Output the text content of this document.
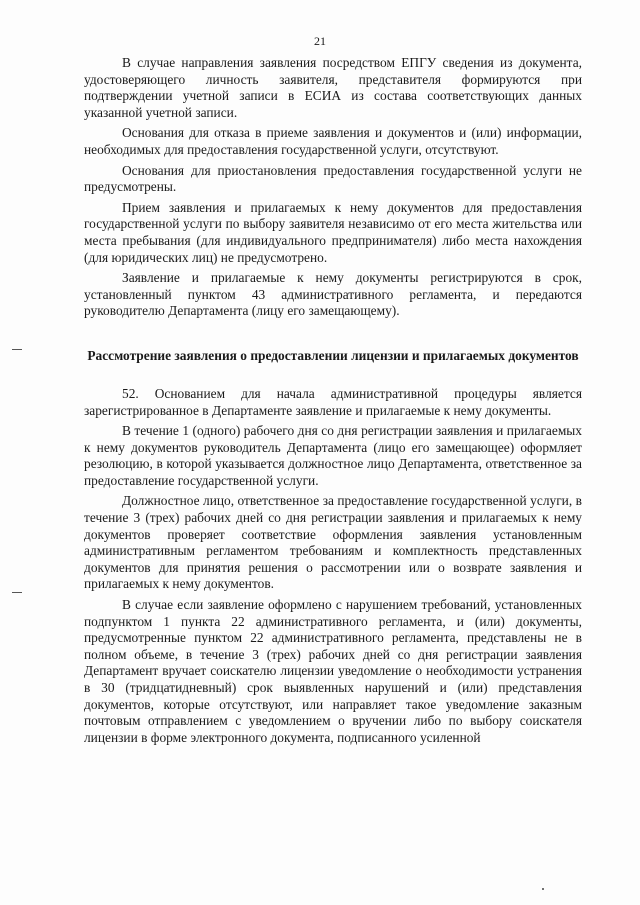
21

В случае направления заявления посредством ЕПГУ сведения из документа, удостоверяющего личность заявителя, представителя формируются при подтверждении учетной записи в ЕСИА из состава соответствующих данных указанной учетной записи.

Основания для отказа в приеме заявления и документов и (или) информации, необходимых для предоставления государственной услуги, отсутствуют.

Основания для приостановления предоставления государственной услуги не предусмотрены.

Прием заявления и прилагаемых к нему документов для предоставления государственной услуги по выбору заявителя независимо от его места жительства или места пребывания (для индивидуального предпринимателя) либо места нахождения (для юридических лиц) не предусмотрено.

Заявление и прилагаемые к нему документы регистрируются в срок, установленный пунктом 43 административного регламента, и передаются руководителю Департамента (лицу его замещающему).

Рассмотрение заявления о предоставлении лицензии и прилагаемых документов

52. Основанием для начала административной процедуры является зарегистрированное в Департаменте заявление и прилагаемые к нему документы.

В течение 1 (одного) рабочего дня со дня регистрации заявления и прилагаемых к нему документов руководитель Департамента (лицо его замещающее) оформляет резолюцию, в которой указывается должностное лицо Департамента, ответственное за предоставление государственной услуги.

Должностное лицо, ответственное за предоставление государственной услуги, в течение 3 (трех) рабочих дней со дня регистрации заявления и прилагаемых к нему документов проверяет соответствие оформления заявления установленным административным регламентом требованиям и комплектность представленных документов для принятия решения о рассмотрении или о возврате заявления и прилагаемых к нему документов.

В случае если заявление оформлено с нарушением требований, установленных подпунктом 1 пункта 22 административного регламента, и (или) документы, предусмотренные пунктом 22 административного регламента, представлены не в полном объеме, в течение 3 (трех) рабочих дней со дня регистрации заявления Департамент вручает соискателю лицензии уведомление о необходимости устранения в 30 (тридцатидневный) срок выявленных нарушений и (или) представления документов, которые отсутствуют, или направляет такое уведомление заказным почтовым отправлением с уведомлением о вручении либо по выбору соискателя лицензии в форме электронного документа, подписанного усиленной
